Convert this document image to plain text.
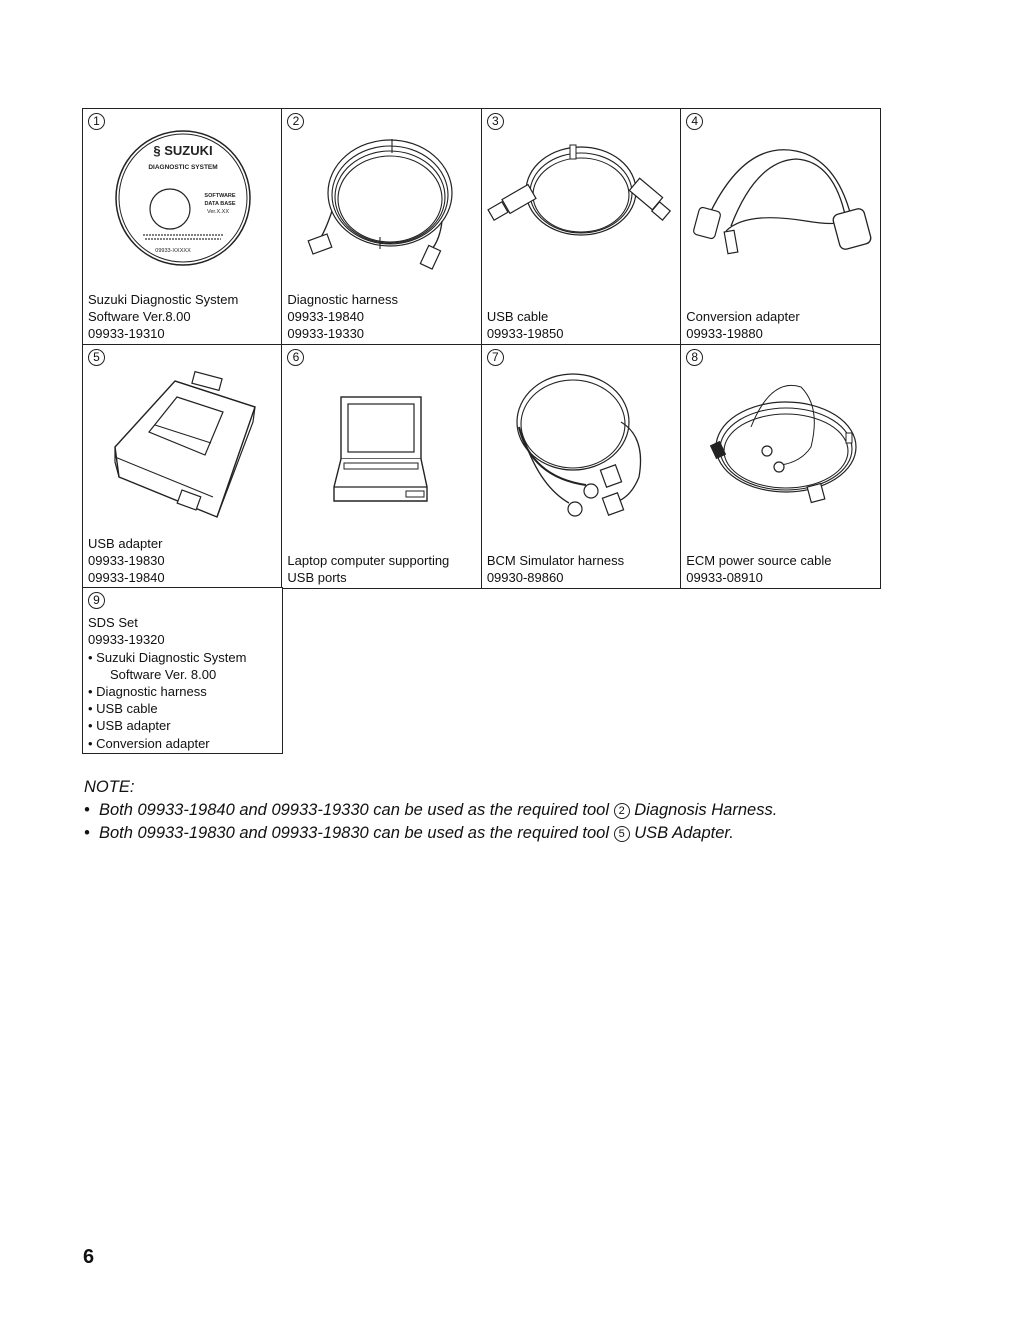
1
§ SUZUKI
DIAGNOSTIC SYSTEM
SOFTWARE
DATA BASE
Ver.X.XX
09933-XXXXX
Suzuki Diagnostic System
Software Ver.8.00
09933-19310
2
Diagnostic harness
09933-19840
09933-19330
3
USB cable
09933-19850
4
Conversion adapter
09933-19880
5
USB adapter
09933-19830
09933-19840
6
Laptop computer supporting
USB ports
7
BCM Simulator harness
09930-89860
8
ECM power source cable
09933-08910
9
SDS Set
09933-19320
• Suzuki Diagnostic System
Software Ver. 8.00
• Diagnostic harness
• USB cable
• USB adapter
• Conversion adapter
NOTE:
• Both 09933-19840 and 09933-19330 can be used as the required tool 2 Diagnosis Harness.
• Both 09933-19830 and 09933-19830 can be used as the required tool 5 USB Adapter.
6
